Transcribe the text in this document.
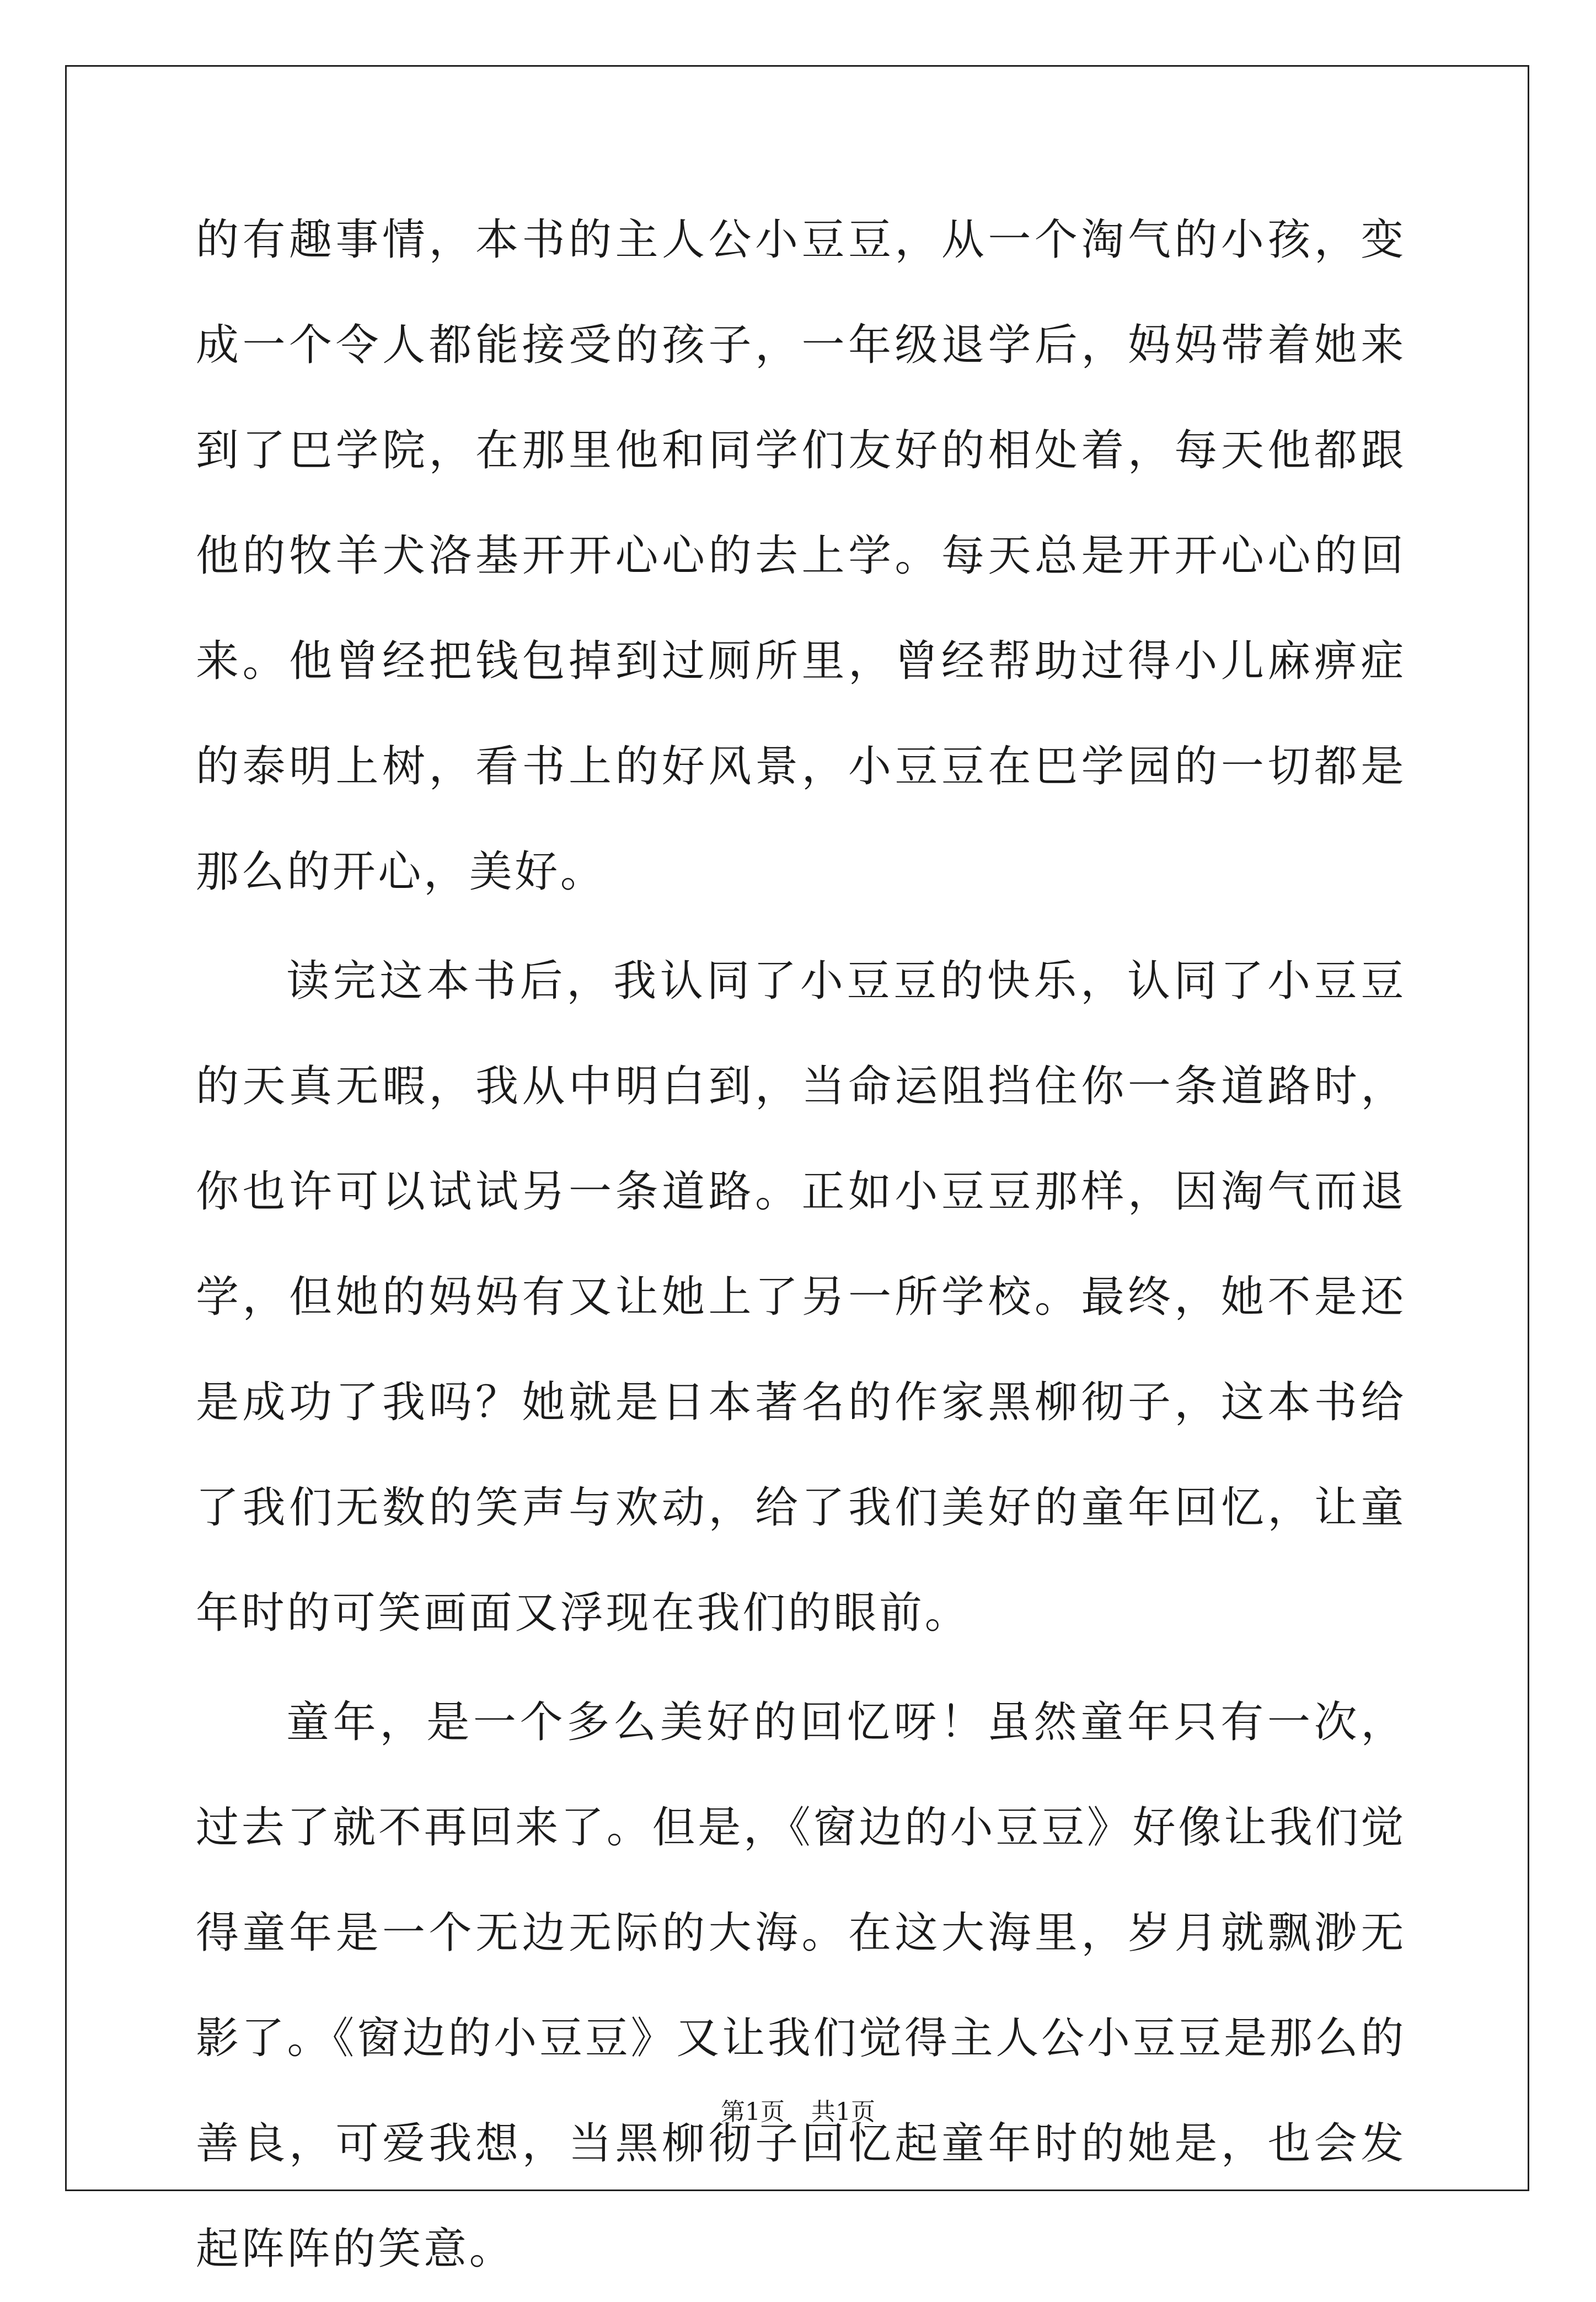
的有趣事情，本书的主人公小豆豆，从一个淘气的小孩，变成一个令人都能接受的孩子，一年级退学后，妈妈带着她来到了巴学院，在那里他和同学们友好的相处着，每天他都跟他的牧羊犬洛基开开心心的去上学。每天总是开开心心的回来。他曾经把钱包掉到过厕所里，曾经帮助过得小儿麻痹症的泰明上树，看书上的好风景，小豆豆在巴学园的一切都是那么的开心，美好。

读完这本书后，我认同了小豆豆的快乐，认同了小豆豆的天真无暇，我从中明白到，当命运阻挡住你一条道路时，你也许可以试试另一条道路。正如小豆豆那样，因淘气而退学，但她的妈妈有又让她上了另一所学校。最终，她不是还是成功了我吗？她就是日本著名的作家黑柳彻子，这本书给了我们无数的笑声与欢动，给了我们美好的童年回忆，让童年时的可笑画面又浮现在我们的眼前。

童年，是一个多么美好的回忆呀！虽然童年只有一次，过去了就不再回来了。但是，《窗边的小豆豆》好像让我们觉得童年是一个无边无际的大海。在这大海里，岁月就飘渺无影了。《窗边的小豆豆》又让我们觉得主人公小豆豆是那么的善良，可爱我想，当黑柳彻子回忆起童年时的她是，也会发起阵阵的笑意。

第1页 共1页
